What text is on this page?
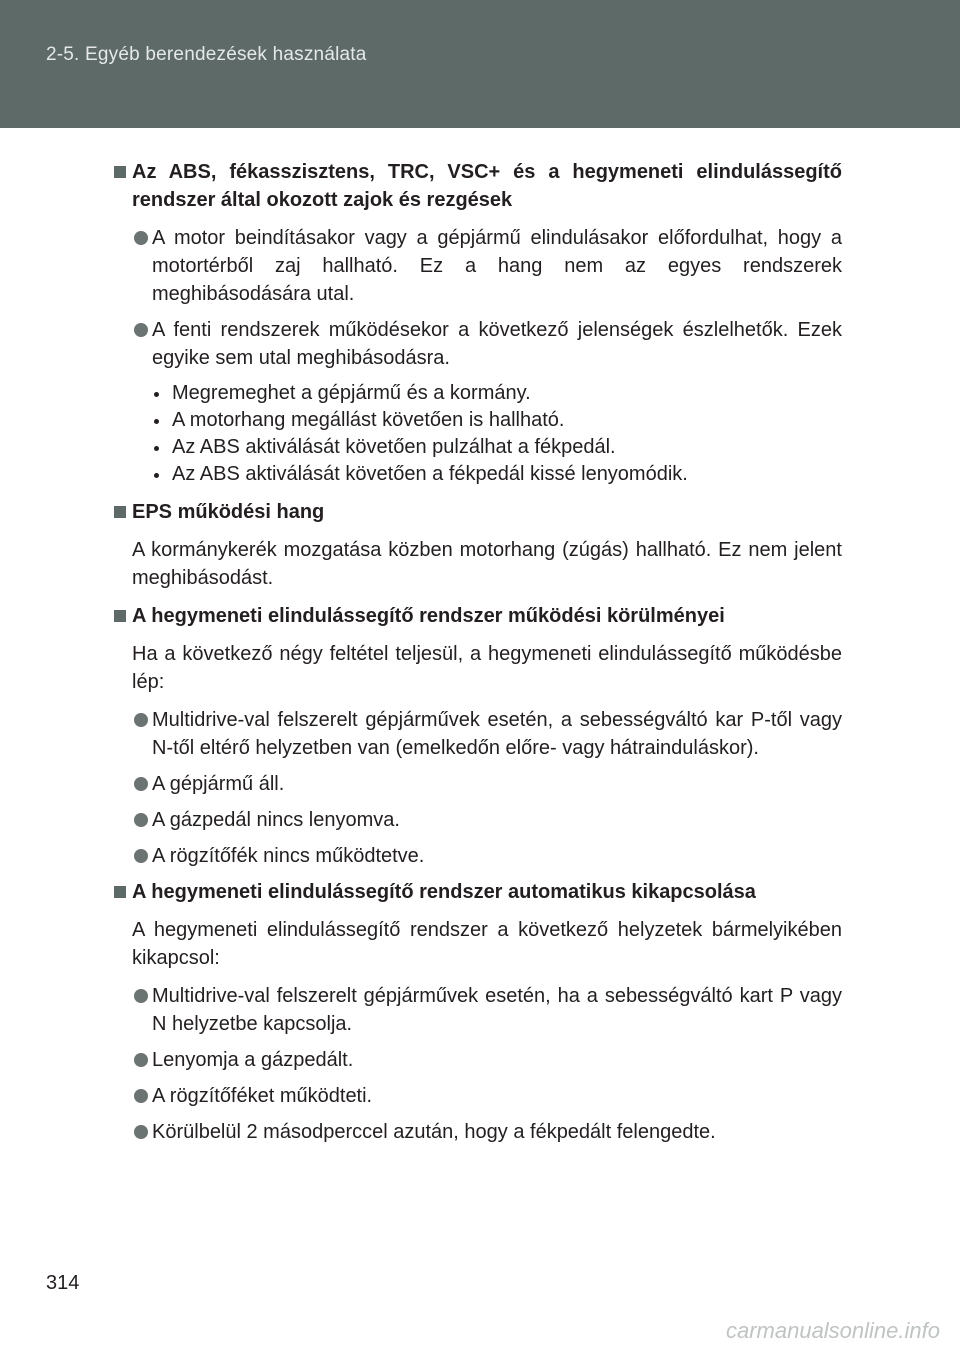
2-5. Egyéb berendezések használata
Az ABS, fékasszisztens, TRC, VSC+ és a hegymeneti elindulássegítő rendszer által okozott zajok és rezgések
A motor beindításakor vagy a gépjármű elindulásakor előfordulhat, hogy a motortérből zaj hallható. Ez a hang nem az egyes rendszerek meghibásodására utal.
A fenti rendszerek működésekor a következő jelenségek észlelhetők. Ezek egyike sem utal meghibásodásra.
Megremeghet a gépjármű és a kormány.
A motorhang megállást követően is hallható.
Az ABS aktiválását követően pulzálhat a fékpedál.
Az ABS aktiválását követően a fékpedál kissé lenyomódik.
EPS működési hang
A kormánykerék mozgatása közben motorhang (zúgás) hallható. Ez nem jelent meghibásodást.
A hegymeneti elindulássegítő rendszer működési körülményei
Ha a következő négy feltétel teljesül, a hegymeneti elindulássegítő működésbe lép:
Multidrive-val felszerelt gépjárművek esetén, a sebességváltó kar P-től vagy N-től eltérő helyzetben van (emelkedőn előre- vagy hátrainduláskor).
A gépjármű áll.
A gázpedál nincs lenyomva.
A rögzítőfék nincs működtetve.
A hegymeneti elindulássegítő rendszer automatikus kikapcsolása
A hegymeneti elindulássegítő rendszer a következő helyzetek bármelyikében kikapcsol:
Multidrive-val felszerelt gépjárművek esetén, ha a sebességváltó kart P vagy N helyzetbe kapcsolja.
Lenyomja a gázpedált.
A rögzítőféket működteti.
Körülbelül 2 másodperccel azután, hogy a fékpedált felengedte.
314
carmanualsonline.info
